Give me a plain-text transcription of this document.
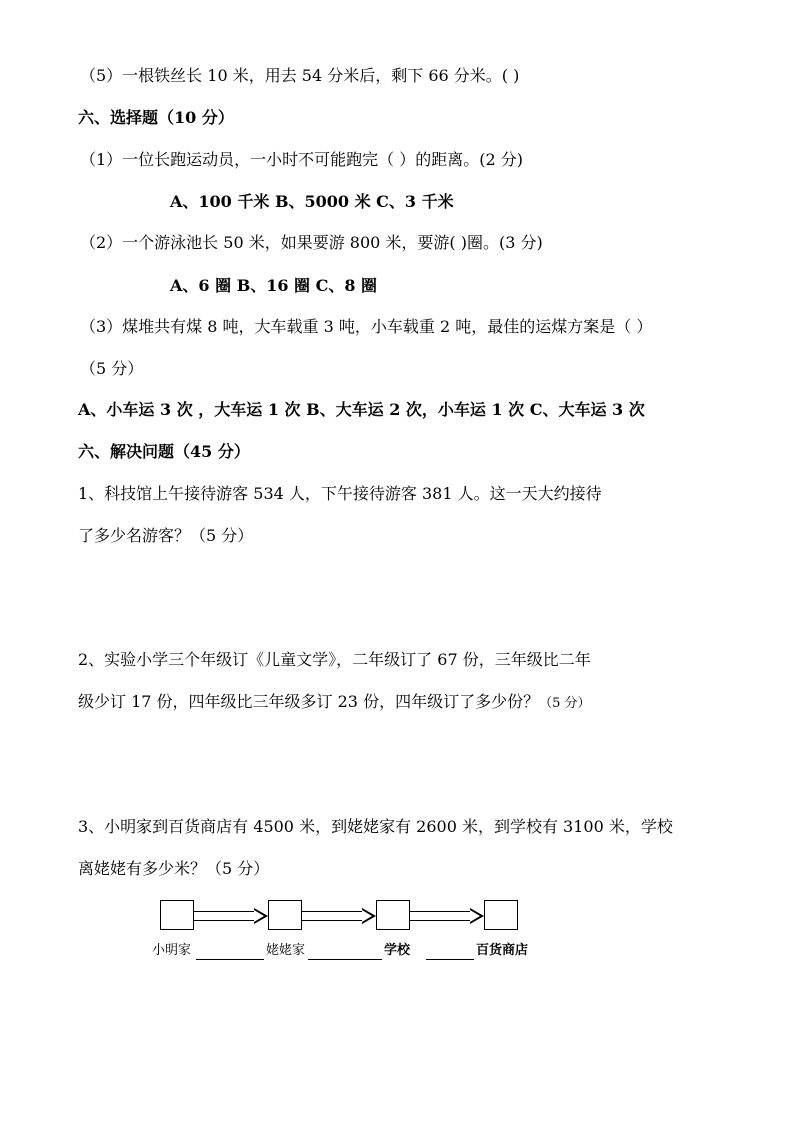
（5）一根铁丝长 10 米，用去 54 分米后，剩下 66 分米。( )
六、选择题（10 分）
（1）一位长跑运动员，一小时不可能跑完（ ）的距离。(2 分)
A、100 千米 B、5000 米 C、3 千米
（2）一个游泳池长 50 米，如果要游 800 米，要游( )圈。(3 分)
A、6 圈 B、16 圈 C、8 圈
（3）煤堆共有煤 8 吨，大车载重 3 吨，小车载重 2 吨，最佳的运煤方案是（ ）
（5 分）
A、小车运 3 次 ，大车运 1 次 B、大车运 2 次，小车运 1 次 C、大车运 3 次
六、解决问题（45 分）
1、科技馆上午接待游客 534 人，下午接待游客 381 人。这一天大约接待
了多少名游客？（5 分）
2、实验小学三个年级订《儿童文学》，二年级订了 67 份，三年级比二年
级少订 17 份，四年级比三年级多订 23 份，四年级订了多少份？（5 分）
3、小明家到百货商店有 4500 米，到姥姥家有 2600 米，到学校有 3100 米，学校
离姥姥有多少米？（5 分）
小明家	姥姥家	学校	百货商店
